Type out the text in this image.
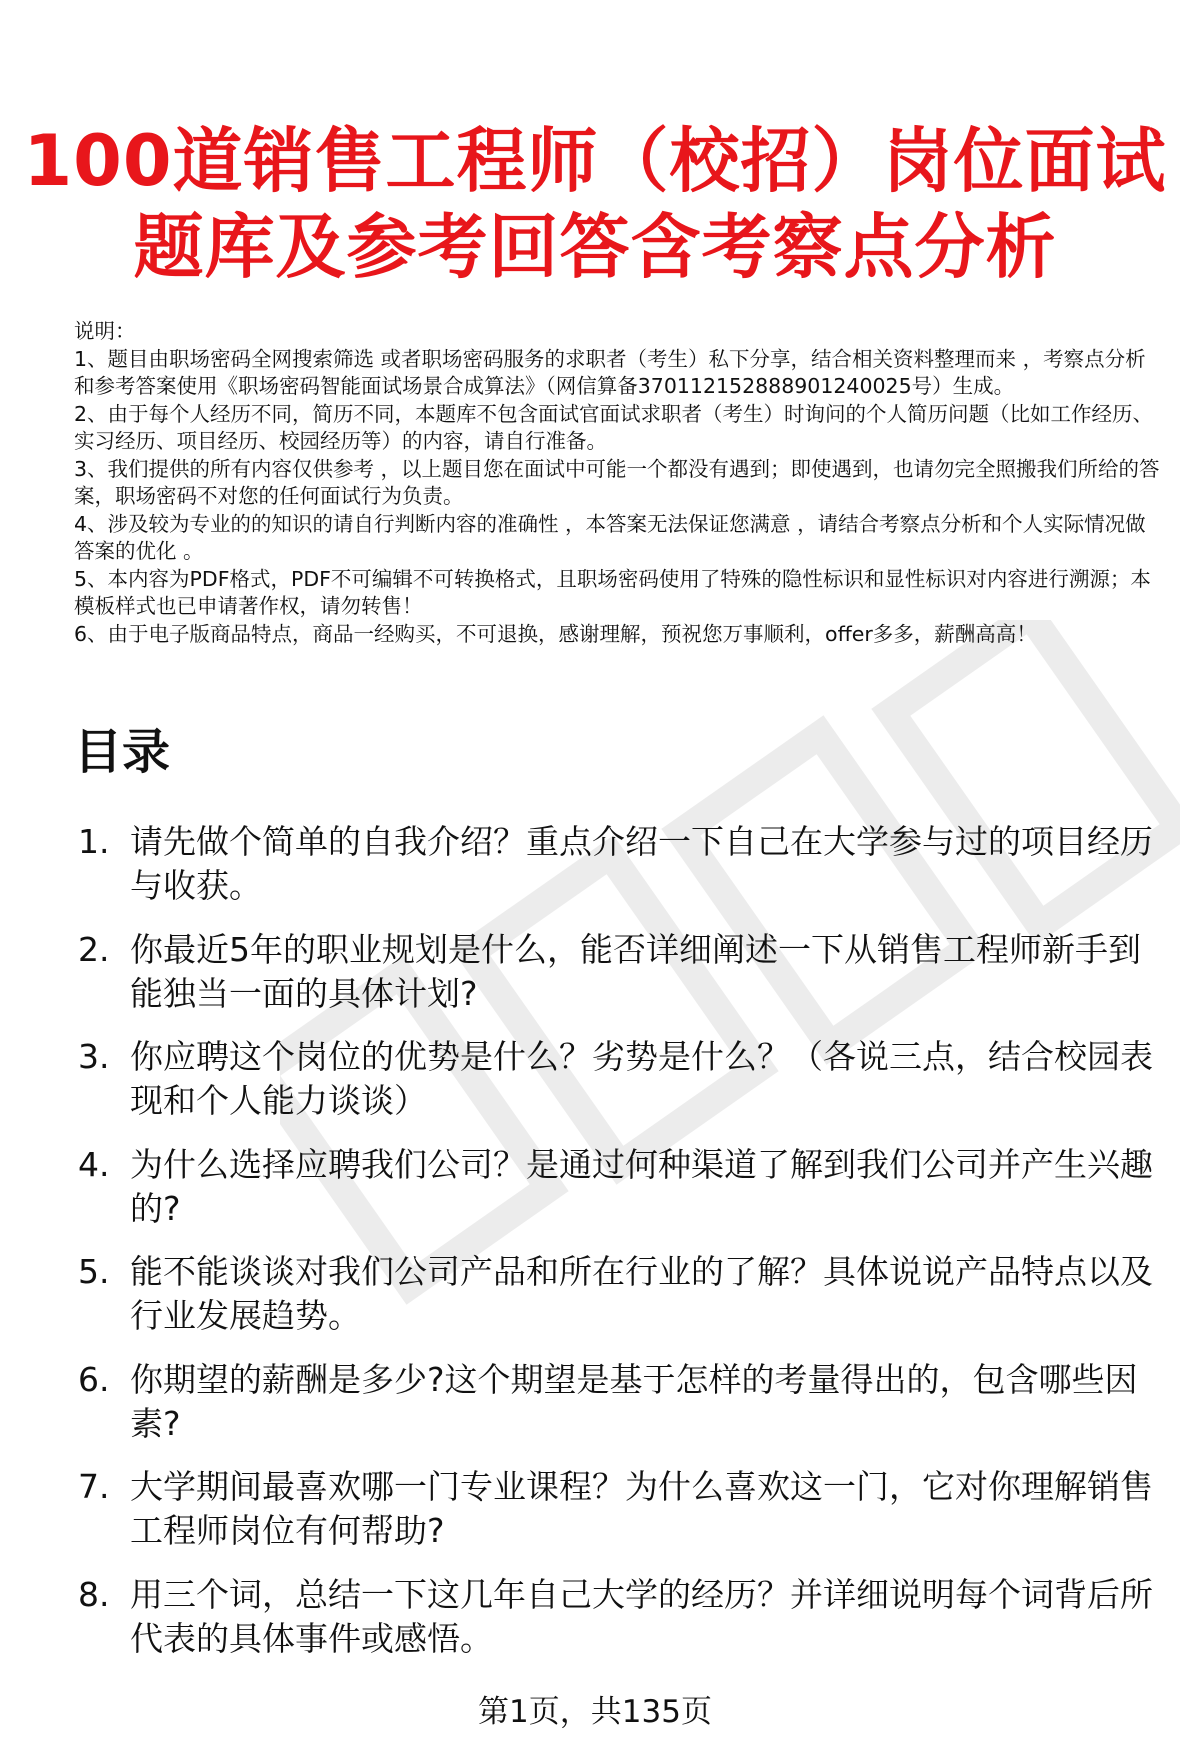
100道销售工程师（校招）岗位面试
题库及参考回答含考察点分析
说明：
1、题目由职场密码全网搜索筛选 或者职场密码服务的求职者（考生）私下分享，结合相关资料整理而来 ，考察点分析和参考答案使用《职场密码智能面试场景合成算法》（网信算备370112152888901240025号）生成。
2、由于每个人经历不同，简历不同，本题库不包含面试官面试求职者（考生）时询问的个人简历问题（比如工作经历、实习经历、项目经历、校园经历等）的内容，请自行准备。
3、我们提供的所有内容仅供参考 ，以上题目您在面试中可能一个都没有遇到；即使遇到，也请勿完全照搬我们所给的答案，职场密码不对您的任何面试行为负责。
4、涉及较为专业的的知识的请自行判断内容的准确性 ，本答案无法保证您满意 ，请结合考察点分析和个人实际情况做答案的优化 。
5、本内容为PDF格式，PDF不可编辑不可转换格式，且职场密码使用了特殊的隐性标识和显性标识对内容进行溯源；本模板样式也已申请著作权，请勿转售！
6、由于电子版商品特点，商品一经购买，不可退换，感谢理解，预祝您万事顺利，offer多多，薪酬高高！
目录
1. 请先做个简单的自我介绍？重点介绍一下自己在大学参与过的项目经历与收获。
2. 你最近5年的职业规划是什么，能否详细阐述一下从销售工程师新手到能独当一面的具体计划?
3. 你应聘这个岗位的优势是什么？劣势是什么？（各说三点，结合校园表现和个人能力谈谈）
4. 为什么选择应聘我们公司？是通过何种渠道了解到我们公司并产生兴趣的?
5. 能不能谈谈对我们公司产品和所在行业的了解？具体说说产品特点以及行业发展趋势。
6. 你期望的薪酬是多少?这个期望是基于怎样的考量得出的，包含哪些因素?
7. 大学期间最喜欢哪一门专业课程？为什么喜欢这一门，它对你理解销售工程师岗位有何帮助?
8. 用三个词，总结一下这几年自己大学的经历？并详细说明每个词背后所代表的具体事件或感悟。
第1页，共135页
